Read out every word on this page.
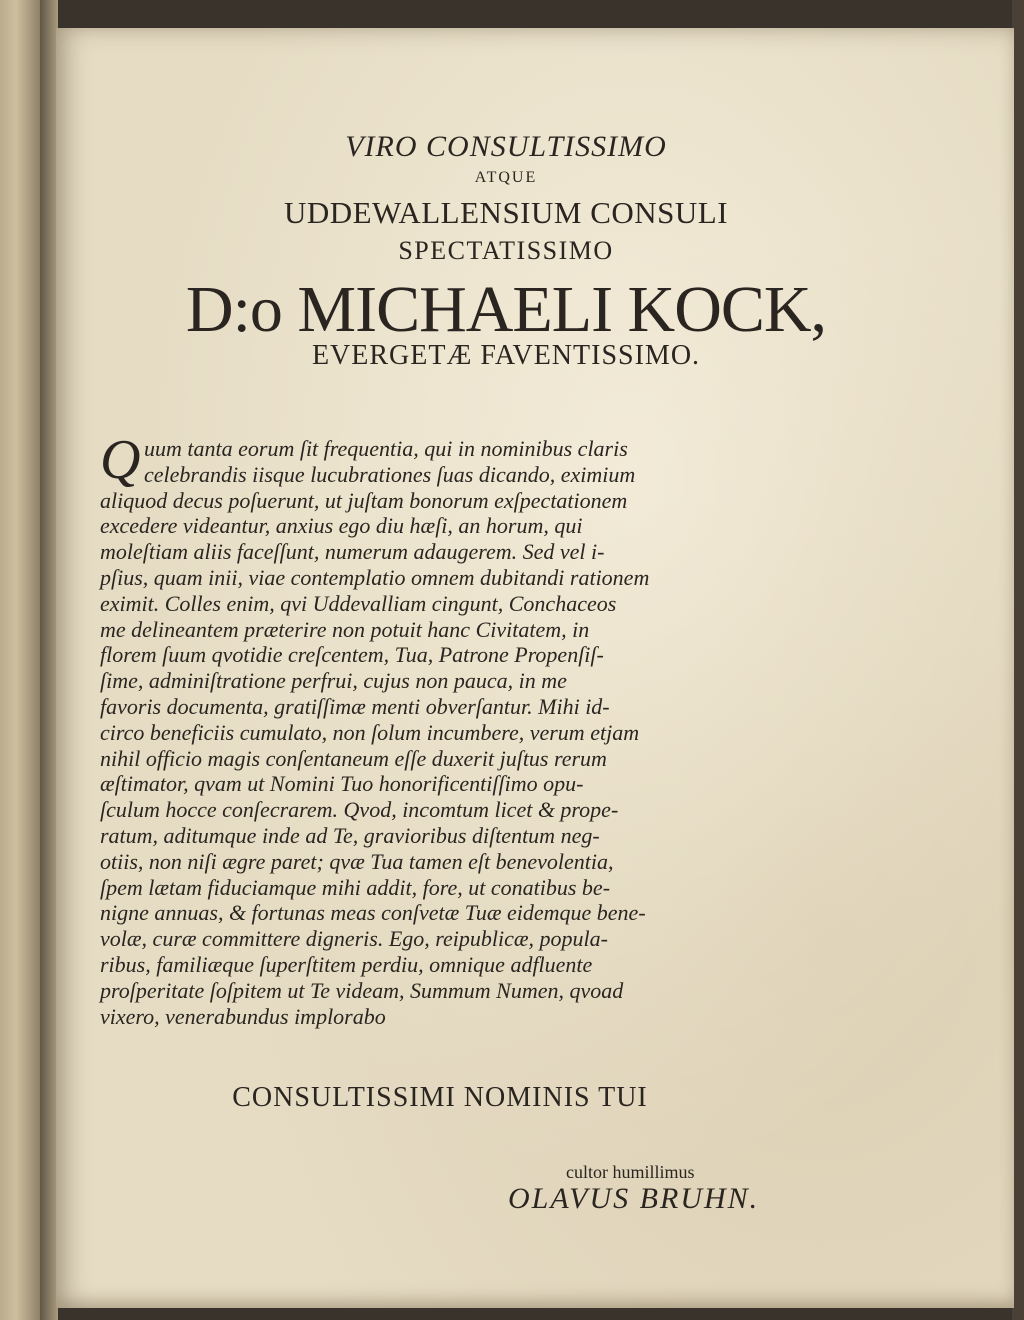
VIRO CONSULTISSIMO
ATQUE
UDDEWALLENSIUM CONSULI
SPECTATISSIMO
D:o MICHAELI KOCK,
EVERGETÆ FAVENTISSIMO.
Q uum tanta eorum ſit frequentia, qui in nominibus claris
celebrandis iisque lucubrationes ſuas dicando, eximium
aliquod decus poſuerunt, ut juſtam bonorum exſpectationem
excedere videantur, anxius ego diu hæſi, an horum, qui
moleſtiam aliis faceſſunt, numerum adaugerem. Sed vel i-
pſius, quam inii, viae contemplatio omnem dubitandi rationem
eximit. Colles enim, qvi Uddevalliam cingunt, Conchaceos
me delineantem præterire non potuit hanc Civitatem, in
florem ſuum qvotidie creſcentem, Tua, Patrone Propenſiſ-
ſime, adminiſtratione perfrui, cujus non pauca, in me
favoris documenta, gratiſſimæ menti obverſantur. Mihi id-
circo beneficiis cumulato, non ſolum incumbere, verum etjam
nihil officio magis conſentaneum eſſe duxerit juſtus rerum
æſtimator, qvam ut Nomini Tuo honorificentiſſimo opu-
ſculum hocce conſecrarem. Qvod, incomtum licet & prope-
ratum, aditumque inde ad Te, gravioribus diſtentum neg-
otiis, non niſi ægre paret; qvæ Tua tamen eſt benevolentia,
ſpem lætam fiduciamque mihi addit, fore, ut conatibus be-
nigne annuas, & fortunas meas conſvetæ Tuæ eidemque bene-
volæ, curæ committere digneris. Ego, reipublicæ, popula-
ribus, familiæque ſuperſtitem perdiu, omnique adfluente
proſperitate ſoſpitem ut Te videam, Summum Numen, qvoad
vixero, venerabundus implorabo
CONSULTISSIMI NOMINIS TUI
cultor humillimus
OLAVUS BRUHN.
